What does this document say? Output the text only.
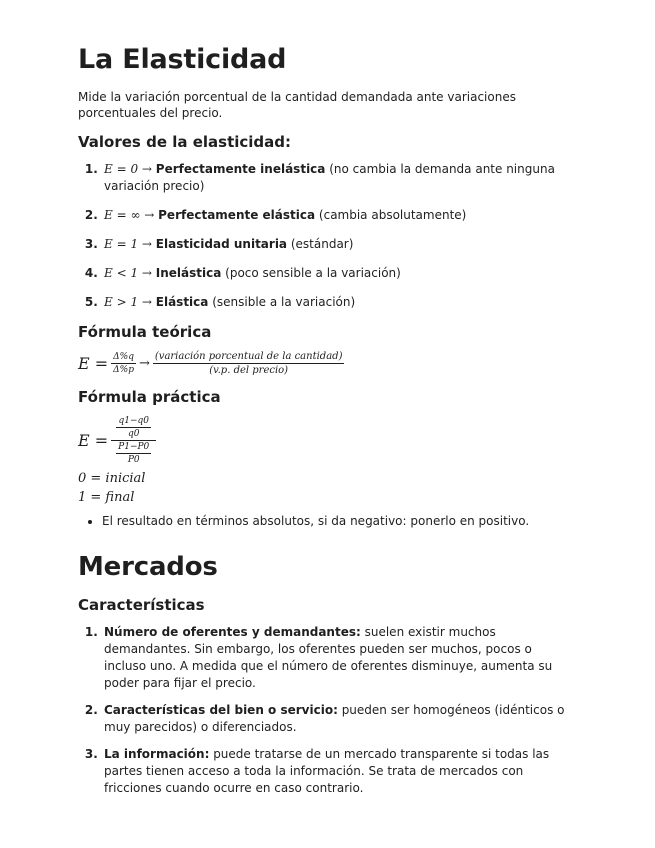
La Elasticidad

Mide la variación porcentual de la cantidad demandada ante variaciones porcentuales del precio.

Valores de la elasticidad:
1. E = 0 → Perfectamente inelástica (no cambia la demanda ante ninguna variación precio)
2. E = ∞ → Perfectamente elástica (cambia absolutamente)
3. E = 1 → Elasticidad unitaria (estándar)
4. E < 1 → Inelástica (poco sensible a la variación)
5. E > 1 → Elástica (sensible a la variación)
Fórmula teórica
$E = \frac{\Delta\%q}{\Delta\%p} \to \frac{\text{(variación porcentual de la cantidad)}}{\text{(v.p. del precio)}}$
Fórmula práctica
$E = \frac{\frac{q1-q0}{q0}}{\frac{P1-P0}{P0}}$
0 = inicial
1 = final
• El resultado en términos absolutos, si da negativo: ponerlo en positivo.
Mercados
Características
1. Número de oferentes y demandantes: suelen existir muchos demandantes. Sin embargo, los oferentes pueden ser muchos, pocos o incluso uno. A medida que el número de oferentes disminuye, aumenta su poder para fijar el precio.
2. Características del bien o servicio: pueden ser homogéneos (idénticos o muy parecidos) o diferenciados.
3. La información: puede tratarse de un mercado transparente si todas las partes tienen acceso a toda la información. Se trata de mercados con fricciones cuando ocurre en caso contrario.
